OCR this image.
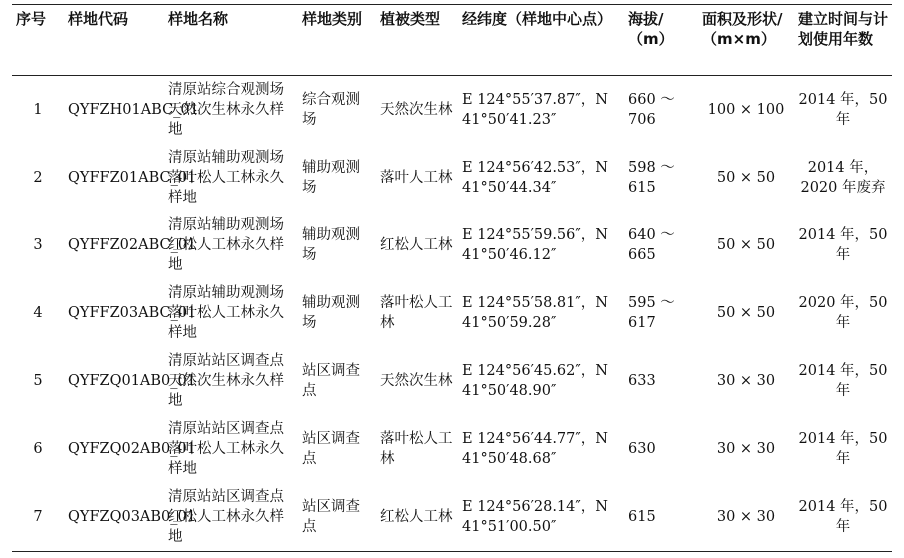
序号	样地代码	样地名称	样地类别	植被类型	经纬度（样地中心点）	海拔/（m）	面积及形状/（m×m）	建立时间与计划使用年数
1	QYFZH01ABC_01	清原站综合观测场天然次生林永久样地	综合观测场	天然次生林	E 124°55′37.87″，N 41°50′41.23″	660 ～ 706	100 × 100	2014 年，50 年
2	QYFFZ01ABC_01	清原站辅助观测场落叶松人工林永久样地	辅助观测场	落叶人工林	E 124°56′42.53″，N 41°50′44.34″	598 ～ 615	50 × 50	2014 年，2020 年废弃
3	QYFFZ02ABC_01	清原站辅助观测场红松人工林永久样地	辅助观测场	红松人工林	E 124°55′59.56″，N 41°50′46.12″	640 ～ 665	50 × 50	2014 年，50 年
4	QYFFZ03ABC_01	清原站辅助观测场落叶松人工林永久样地	辅助观测场	落叶松人工林	E 124°55′58.81″，N 41°50′59.28″	595 ～ 617	50 × 50	2020 年，50 年
5	QYFZQ01AB0_01	清原站站区调查点天然次生林永久样地	站区调查点	天然次生林	E 124°56′45.62″，N 41°50′48.90″	633	30 × 30	2014 年，50 年
6	QYFZQ02AB0_01	清原站站区调查点落叶松人工林永久样地	站区调查点	落叶松人工林	E 124°56′44.77″，N 41°50′48.68″	630	30 × 30	2014 年，50 年
7	QYFZQ03AB0_01	清原站站区调查点红松人工林永久样地	站区调查点	红松人工林	E 124°56′28.14″，N 41°51′00.50″	615	30 × 30	2014 年，50 年
